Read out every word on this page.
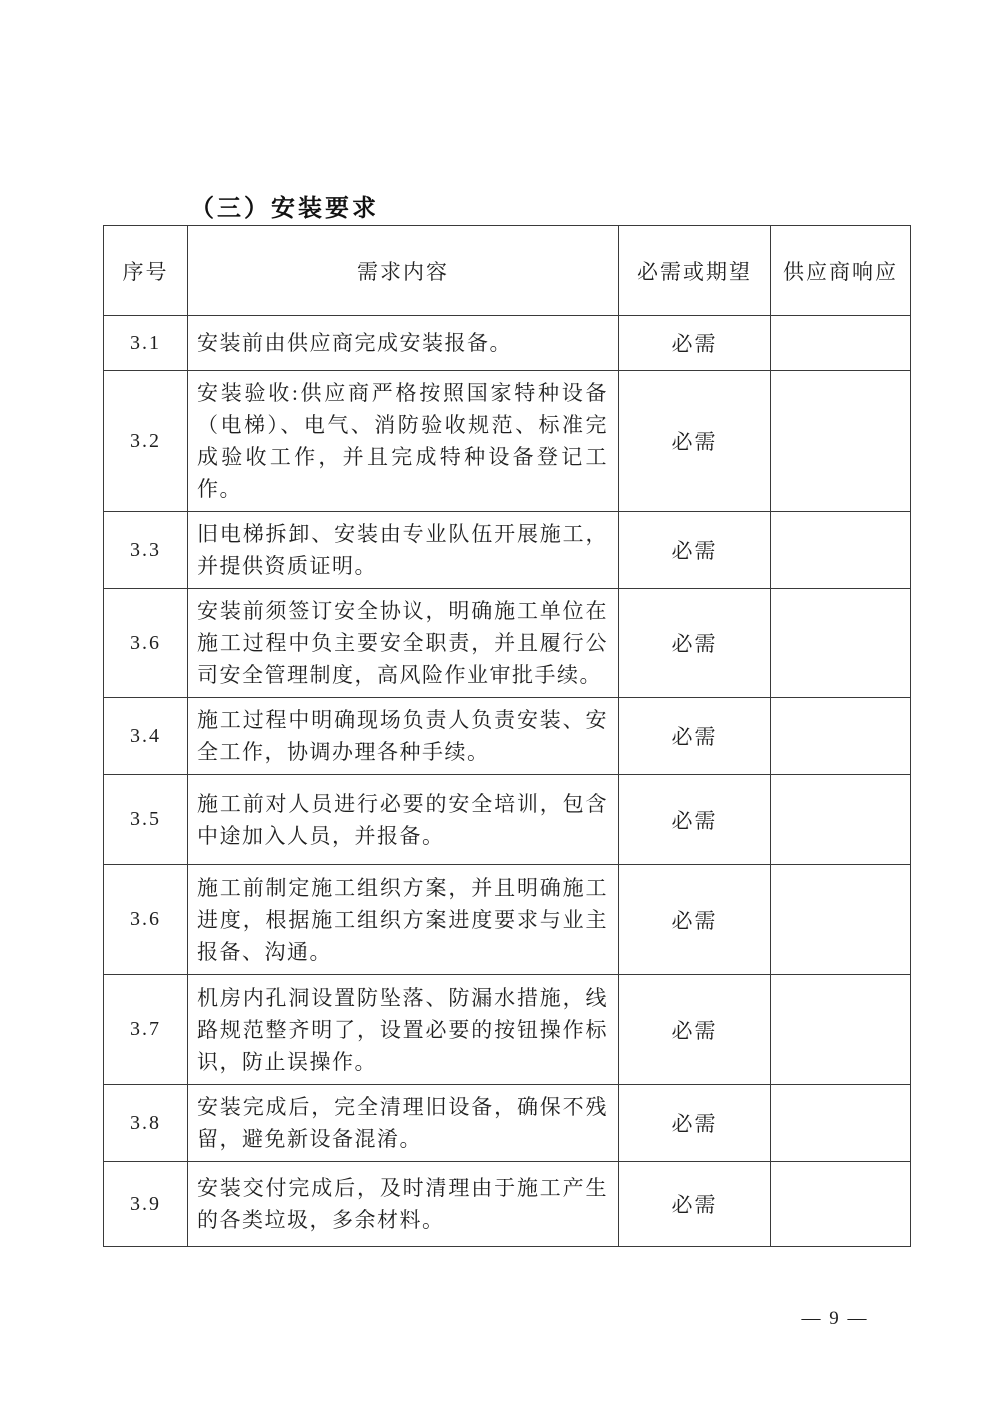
（三）安装要求
序号	需求内容	必需或期望	供应商响应
3.1	安装前由供应商完成安装报备。	必需	
3.2	安装验收:供应商严格按照国家特种设备（电梯）、电气、消防验收规范、标准完成验收工作，并且完成特种设备登记工作。	必需	
3.3	旧电梯拆卸、安装由专业队伍开展施工，并提供资质证明。	必需	
3.6	安装前须签订安全协议，明确施工单位在施工过程中负主要安全职责，并且履行公司安全管理制度，高风险作业审批手续。	必需	
3.4	施工过程中明确现场负责人负责安装、安全工作，协调办理各种手续。	必需	
3.5	施工前对人员进行必要的安全培训，包含中途加入人员，并报备。	必需	
3.6	施工前制定施工组织方案，并且明确施工进度，根据施工组织方案进度要求与业主报备、沟通。	必需	
3.7	机房内孔洞设置防坠落、防漏水措施，线路规范整齐明了，设置必要的按钮操作标识，防止误操作。	必需	
3.8	安装完成后，完全清理旧设备，确保不残留，避免新设备混淆。	必需	
3.9	安装交付完成后，及时清理由于施工产生的各类垃圾，多余材料。	必需	
— 9 —
